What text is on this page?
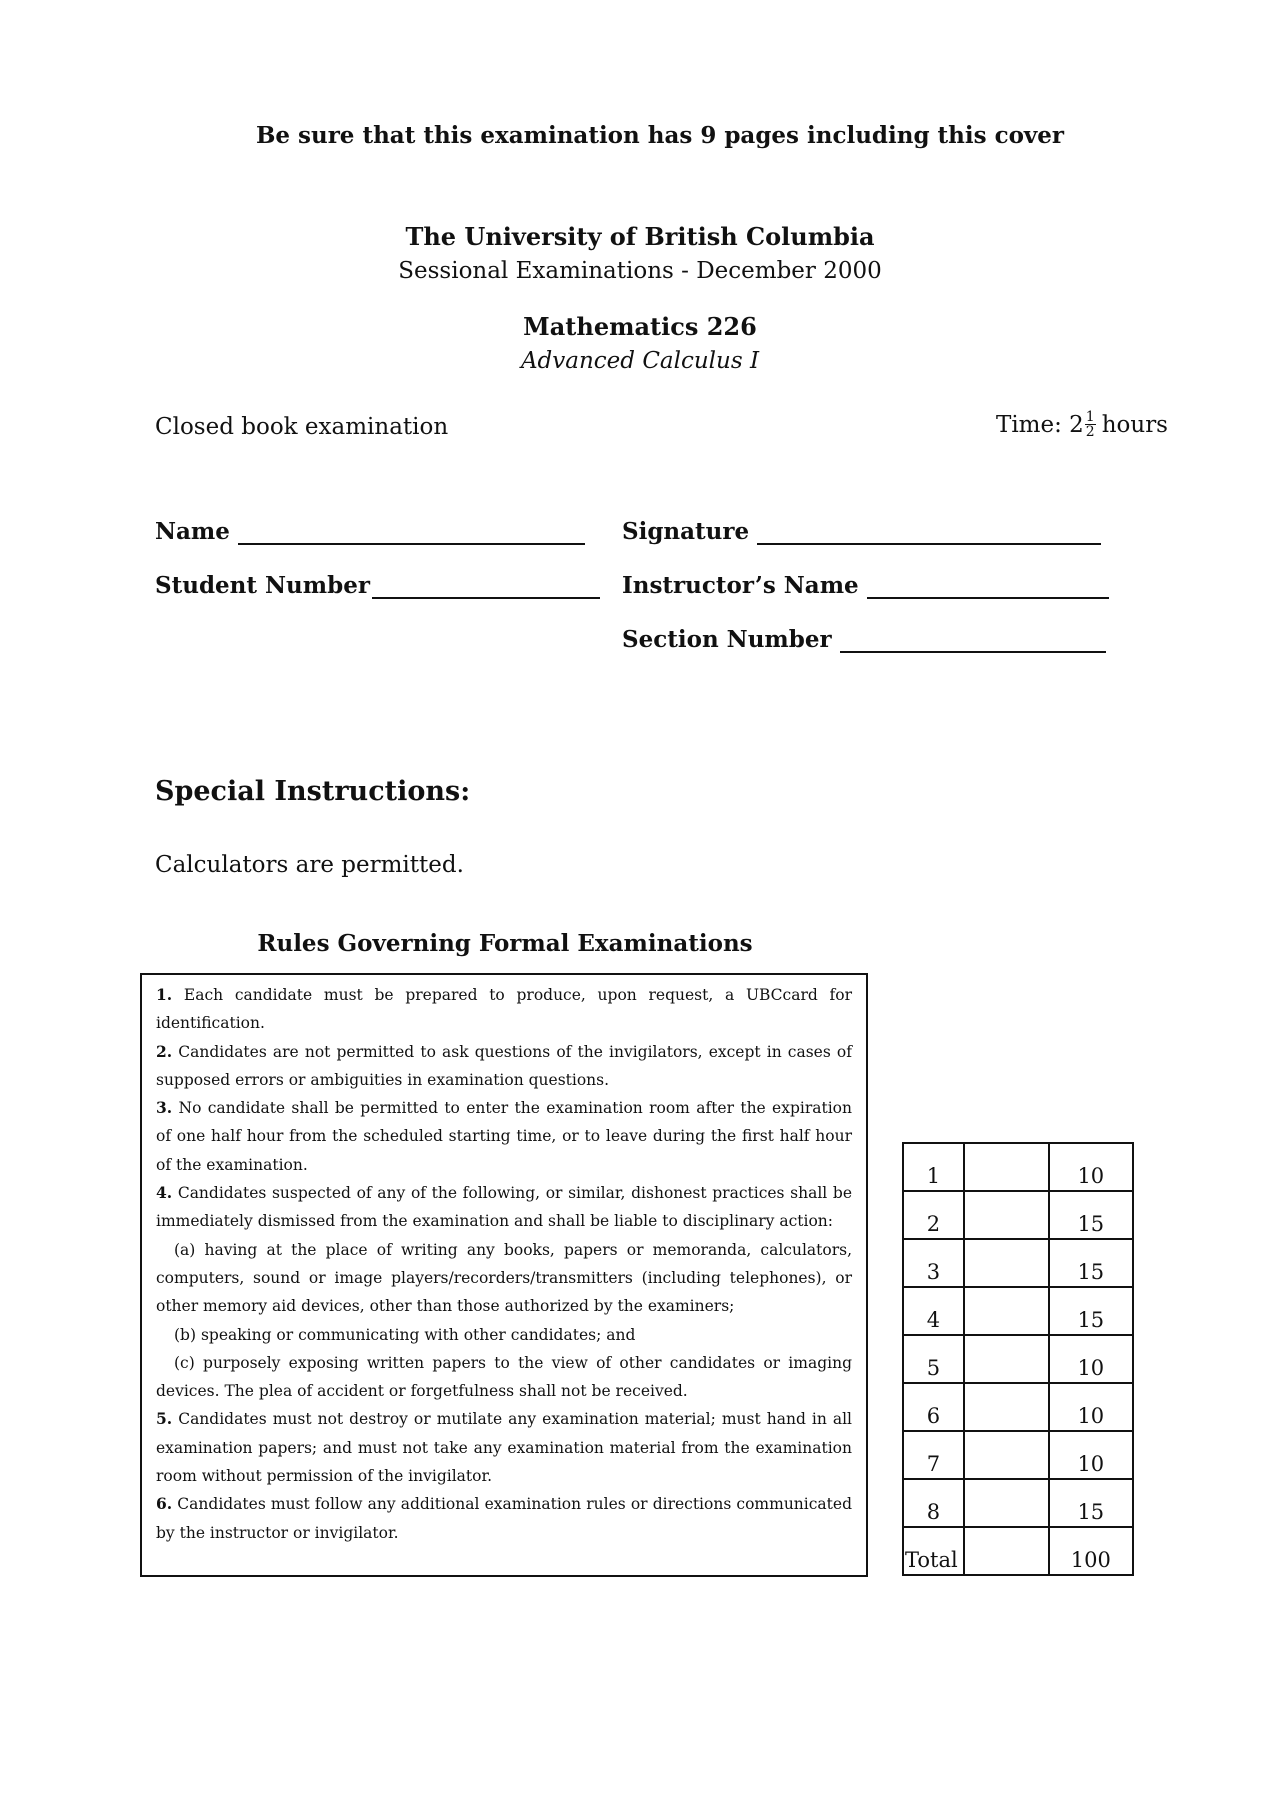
Be sure that this examination has 9 pages including this cover
The University of British Columbia
Sessional Examinations - December 2000
Mathematics 226
Advanced Calculus I
Closed book examination	Time: $2 \frac{1}{2}$ hours
Name
Student Number
Signature
Instructor’s Name
Section Number
Special Instructions:
Calculators are permitted.
Rules Governing Formal Examinations

1. Each candidate must be prepared to produce, upon request, a UBCcard for identification.

2. Candidates are not permitted to ask questions of the invigilators, except in cases of supposed errors or ambiguities in examination questions.

3. No candidate shall be permitted to enter the examination room after the expiration of one half hour from the scheduled starting time, or to leave during the first half hour of the examination.

4. Candidates suspected of any of the following, or similar, dishonest practices shall be immediately dismissed from the examination and shall be liable to disciplinary action:

(a) having at the place of writing any books, papers or memoranda, calculators, computers, sound or image players/recorders/transmitters (including telephones), or other memory aid devices, other than those authorized by the examiners;

(b) speaking or communicating with other candidates; and

(c) purposely exposing written papers to the view of other candidates or imaging devices. The plea of accident or forgetfulness shall not be received.

5. Candidates must not destroy or mutilate any examination material; must hand in all examination papers; and must not take any examination material from the examination room without permission of the invigilator.

6. Candidates must follow any additional examination rules or directions communicated by the instructor or invigilator.

1		10
2		15
3		15
4		15
5		10
6		10
7		10
8		15
Total		100
